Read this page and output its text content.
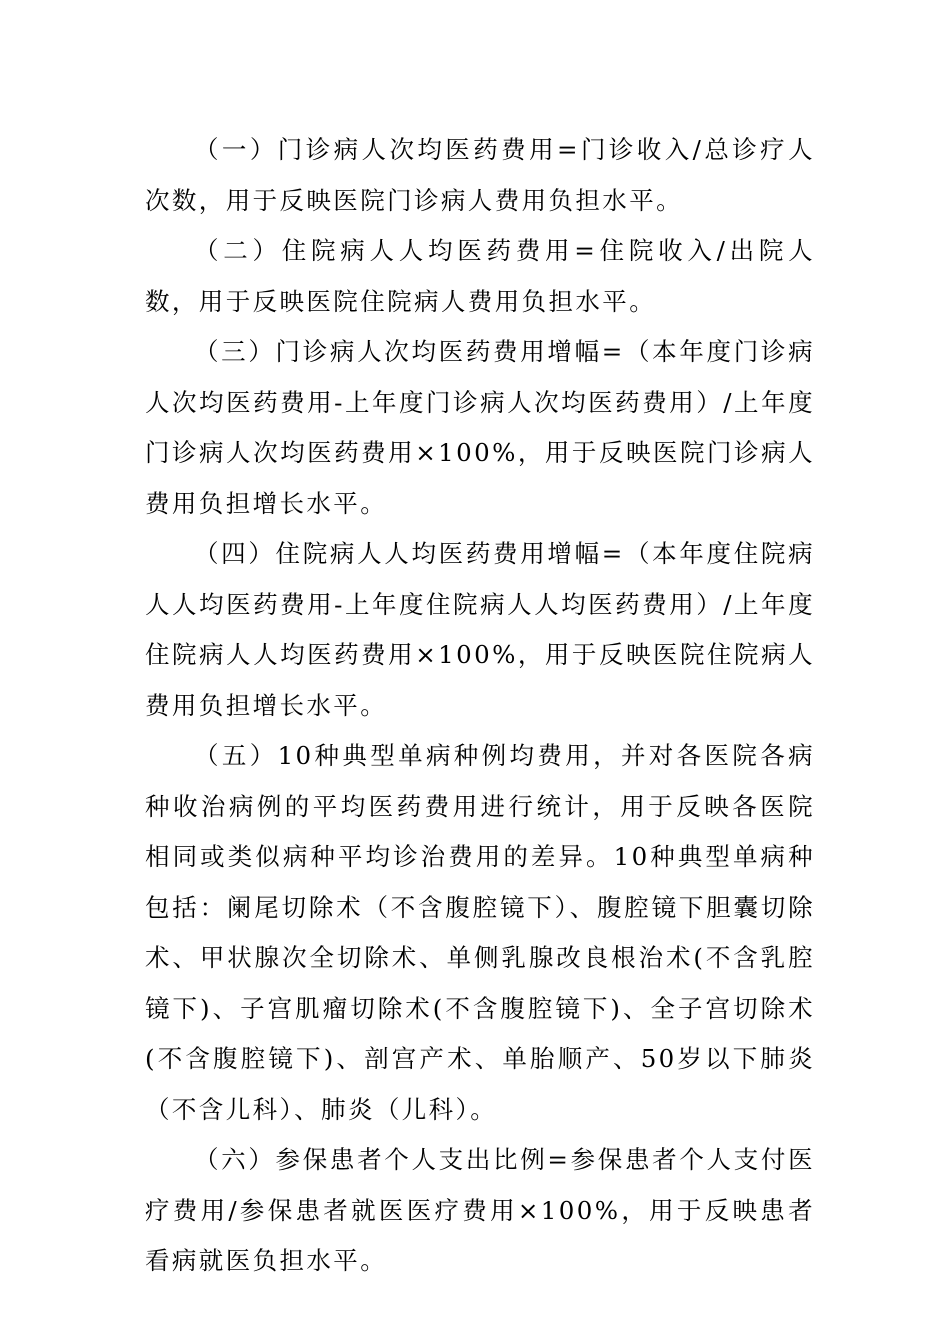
（一）门诊病人次均医药费用=门诊收入/总诊疗人次数，用于反映医院门诊病人费用负担水平。

（二）住院病人人均医药费用=住院收入/出院人数，用于反映医院住院病人费用负担水平。

（三）门诊病人次均医药费用增幅=（本年度门诊病人次均医药费用-上年度门诊病人次均医药费用）/上年度门诊病人次均医药费用×100%，用于反映医院门诊病人费用负担增长水平。

（四）住院病人人均医药费用增幅=（本年度住院病人人均医药费用-上年度住院病人人均医药费用）/上年度住院病人人均医药费用×100%，用于反映医院住院病人费用负担增长水平。

（五）10种典型单病种例均费用，并对各医院各病种收治病例的平均医药费用进行统计，用于反映各医院相同或类似病种平均诊治费用的差异。10种典型单病种包括：阑尾切除术（不含腹腔镜下）、腹腔镜下胆囊切除术、甲状腺次全切除术、单侧乳腺改良根治术(不含乳腔镜下)、子宫肌瘤切除术(不含腹腔镜下)、全子宫切除术(不含腹腔镜下)、剖宫产术、单胎顺产、50岁以下肺炎（不含儿科）、肺炎（儿科）。

（六）参保患者个人支出比例=参保患者个人支付医疗费用/参保患者就医医疗费用×100%，用于反映患者看病就医负担水平。
